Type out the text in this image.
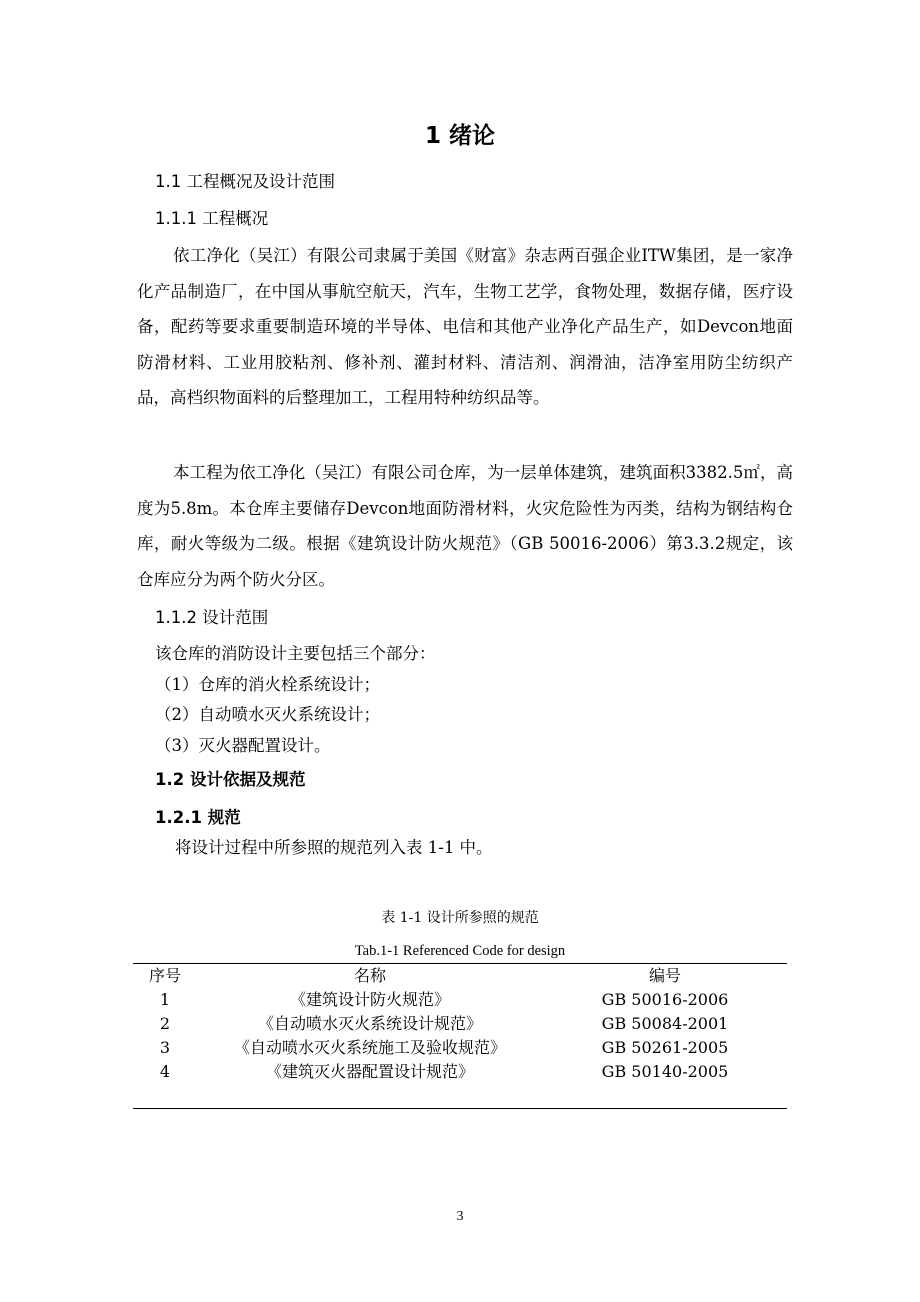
1 绪论
1.1 工程概况及设计范围
1.1.1 工程概况
依工净化（吴江）有限公司隶属于美国《财富》杂志两百强企业ITW集团，是一家净化产品制造厂，在中国从事航空航天，汽车，生物工艺学，食物处理，数据存储，医疗设备，配药等要求重要制造环境的半导体、电信和其他产业净化产品生产，如Devcon地面防滑材料、工业用胶粘剂、修补剂、灌封材料、清洁剂、润滑油，洁净室用防尘纺织产品，高档织物面料的后整理加工，工程用特种纺织品等。
本工程为依工净化（吴江）有限公司仓库，为一层单体建筑，建筑面积3382.5㎡，高度为5.8m。本仓库主要储存Devcon地面防滑材料，火灾危险性为丙类，结构为钢结构仓库，耐火等级为二级。根据《建筑设计防火规范》（GB 50016-2006）第3.3.2规定，该仓库应分为两个防火分区。
1.1.2 设计范围
该仓库的消防设计主要包括三个部分：
（1）仓库的消火栓系统设计；
（2）自动喷水灭火系统设计；
（3）灭火器配置设计。
1.2 设计依据及规范
1.2.1 规范
将设计过程中所参照的规范列入表 1-1 中。
表 1-1 设计所参照的规范
Tab.1-1 Referenced Code for design
序号	名称	编号
1	《建筑设计防火规范》	GB 50016-2006
2	《自动喷水灭火系统设计规范》	GB 50084-2001
3	《自动喷水灭火系统施工及验收规范》	GB 50261-2005
4	《建筑灭火器配置设计规范》	GB 50140-2005
3
